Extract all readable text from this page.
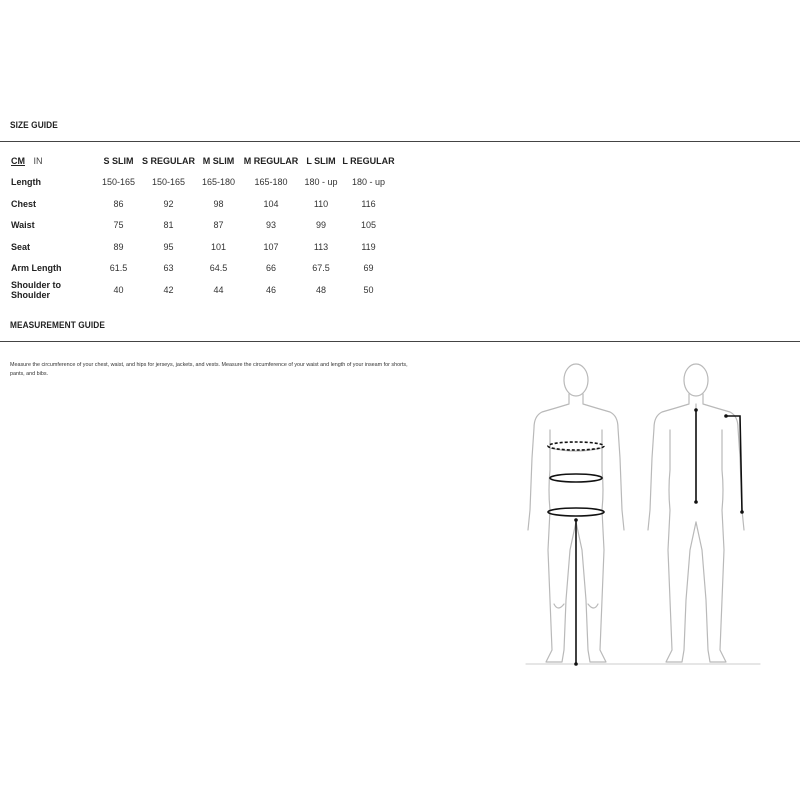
SIZE GUIDE
CM IN	S SLIM	S REGULAR	M SLIM	M REGULAR	L SLIM	L REGULAR
Length	150-165	150-165	165-180	165-180	180 - up	180 - up
Chest	86	92	98	104	110	116
Waist	75	81	87	93	99	105
Seat	89	95	101	107	113	119
Arm Length	61.5	63	64.5	66	67.5	69
Shoulder to Shoulder	40	42	44	46	48	50
MEASUREMENT GUIDE
Measure the circumference of your chest, waist, and hips for jerseys, jackets, and vests. Measure the circumference of your waist and length of your inseam for shorts, pants, and bibs.
